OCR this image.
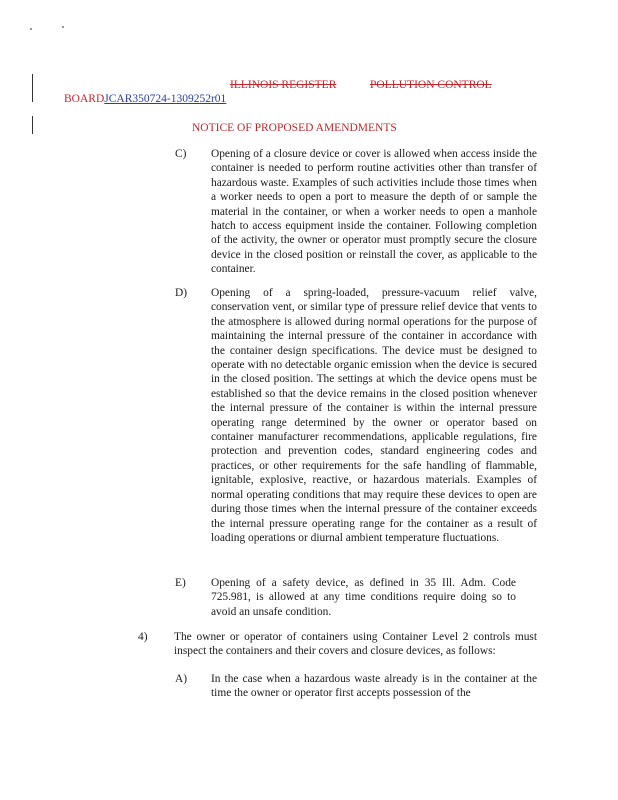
ILLINOIS REGISTER	POLLUTION CONTROL
BOARDJCAR350724-1309252r01
NOTICE OF PROPOSED AMENDMENTS
C) Opening of a closure device or cover is allowed when access inside the container is needed to perform routine activities other than transfer of hazardous waste. Examples of such activities include those times when a worker needs to open a port to measure the depth of or sample the material in the container, or when a worker needs to open a manhole hatch to access equipment inside the container. Following completion of the activity, the owner or operator must promptly secure the closure device in the closed position or reinstall the cover, as applicable to the container.
D) Opening of a spring-loaded, pressure-vacuum relief valve, conservation vent, or similar type of pressure relief device that vents to the atmosphere is allowed during normal operations for the purpose of maintaining the internal pressure of the container in accordance with the container design specifications. The device must be designed to operate with no detectable organic emission when the device is secured in the closed position. The settings at which the device opens must be established so that the device remains in the closed position whenever the internal pressure of the container is within the internal pressure operating range determined by the owner or operator based on container manufacturer recommendations, applicable regulations, fire protection and prevention codes, standard engineering codes and practices, or other requirements for the safe handling of flammable, ignitable, explosive, reactive, or hazardous materials. Examples of normal operating conditions that may require these devices to open are during those times when the internal pressure of the container exceeds the internal pressure operating range for the container as a result of loading operations or diurnal ambient temperature fluctuations.
E) Opening of a safety device, as defined in 35 Ill. Adm. Code 725.981, is allowed at any time conditions require doing so to avoid an unsafe condition.
4) The owner or operator of containers using Container Level 2 controls must inspect the containers and their covers and closure devices, as follows:
A) In the case when a hazardous waste already is in the container at the time the owner or operator first accepts possession of the
